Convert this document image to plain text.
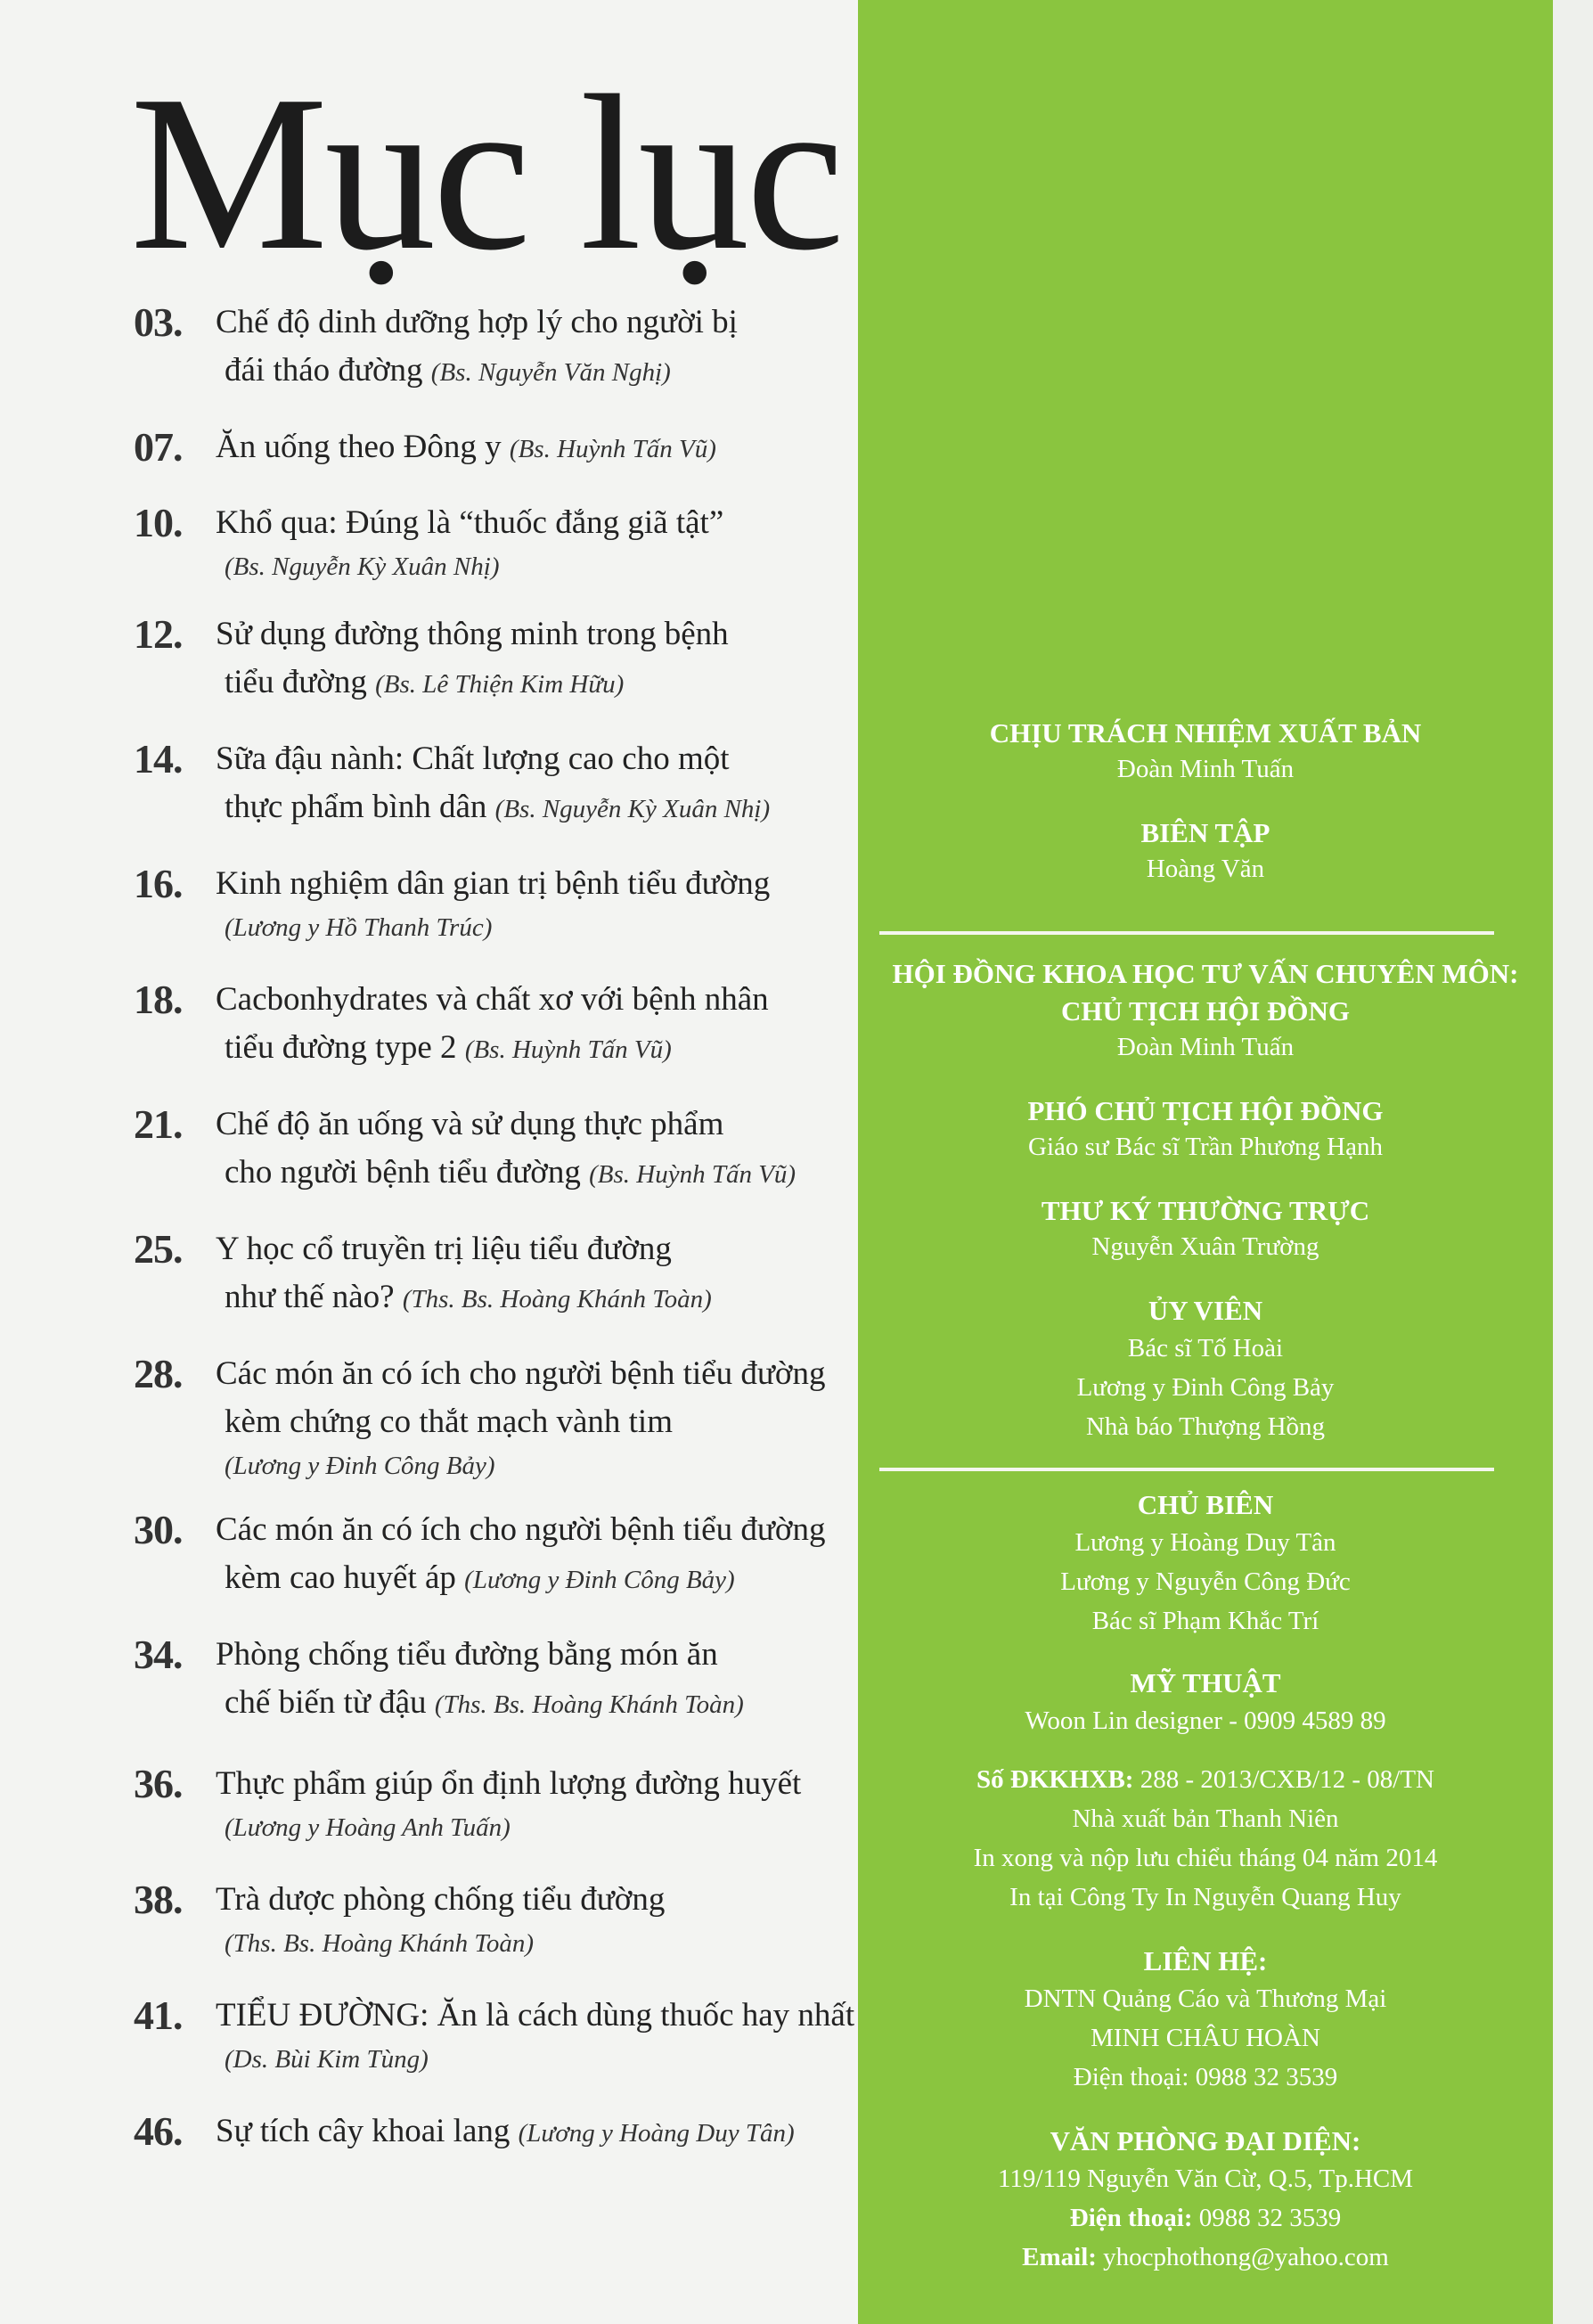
Mục lục
03. Chế độ dinh dưỡng hợp lý cho người bị
đái tháo đường (Bs. Nguyễn Văn Nghị)
07. Ăn uống theo Đông y (Bs. Huỳnh Tấn Vũ)
10. Khổ qua: Đúng là “thuốc đắng giã tật”
(Bs. Nguyễn Kỳ Xuân Nhị)
12. Sử dụng đường thông minh trong bệnh
tiểu đường (Bs. Lê Thiện Kim Hữu)
14. Sữa đậu nành: Chất lượng cao cho một
thực phẩm bình dân (Bs. Nguyễn Kỳ Xuân Nhị)
16. Kinh nghiệm dân gian trị bệnh tiểu đường
(Lương y Hồ Thanh Trúc)
18. Cacbonhydrates và chất xơ với bệnh nhân
tiểu đường type 2 (Bs. Huỳnh Tấn Vũ)
21. Chế độ ăn uống và sử dụng thực phẩm
cho người bệnh tiểu đường (Bs. Huỳnh Tấn Vũ)
25. Y học cổ truyền trị liệu tiểu đường
như thế nào? (Ths. Bs. Hoàng Khánh Toàn)
28. Các món ăn có ích cho người bệnh tiểu đường
kèm chứng co thắt mạch vành tim
(Lương y Đinh Công Bảy)
30. Các món ăn có ích cho người bệnh tiểu đường
kèm cao huyết áp (Lương y Đinh Công Bảy)
34. Phòng chống tiểu đường bằng món ăn
chế biến từ đậu (Ths. Bs. Hoàng Khánh Toàn)
36. Thực phẩm giúp ổn định lượng đường huyết
(Lương y Hoàng Anh Tuấn)
38. Trà dược phòng chống tiểu đường
(Ths. Bs. Hoàng Khánh Toàn)
41. TIỂU ĐƯỜNG: Ăn là cách dùng thuốc hay nhất
(Ds. Bùi Kim Tùng)
46. Sự tích cây khoai lang (Lương y Hoàng Duy Tân)
CHỊU TRÁCH NHIỆM XUẤT BẢN
Đoàn Minh Tuấn
BIÊN TẬP
Hoàng Văn
HỘI ĐỒNG KHOA HỌC TƯ VẤN CHUYÊN MÔN:
CHỦ TỊCH HỘI ĐỒNG
Đoàn Minh Tuấn
PHÓ CHỦ TỊCH HỘI ĐỒNG
Giáo sư Bác sĩ Trần Phương Hạnh
THƯ KÝ THƯỜNG TRỰC
Nguyễn Xuân Trường
ỦY VIÊN
Bác sĩ Tố Hoài
Lương y Đinh Công Bảy
Nhà báo Thượng Hồng
CHỦ BIÊN
Lương y Hoàng Duy Tân
Lương y Nguyễn Công Đức
Bác sĩ Phạm Khắc Trí
MỸ THUẬT
Woon Lin designer - 0909 4589 89
Số ĐKKHXB: 288 - 2013/CXB/12 - 08/TN
Nhà xuất bản Thanh Niên
In xong và nộp lưu chiểu tháng 04 năm 2014
In tại Công Ty In Nguyễn Quang Huy
LIÊN HỆ:
DNTN Quảng Cáo và Thương Mại
MINH CHÂU HOÀN
Điện thoại: 0988 32 3539
VĂN PHÒNG ĐẠI DIỆN:
119/119 Nguyễn Văn Cừ, Q.5, Tp.HCM
Điện thoại: 0988 32 3539
Email: yhocphothong@yahoo.com
